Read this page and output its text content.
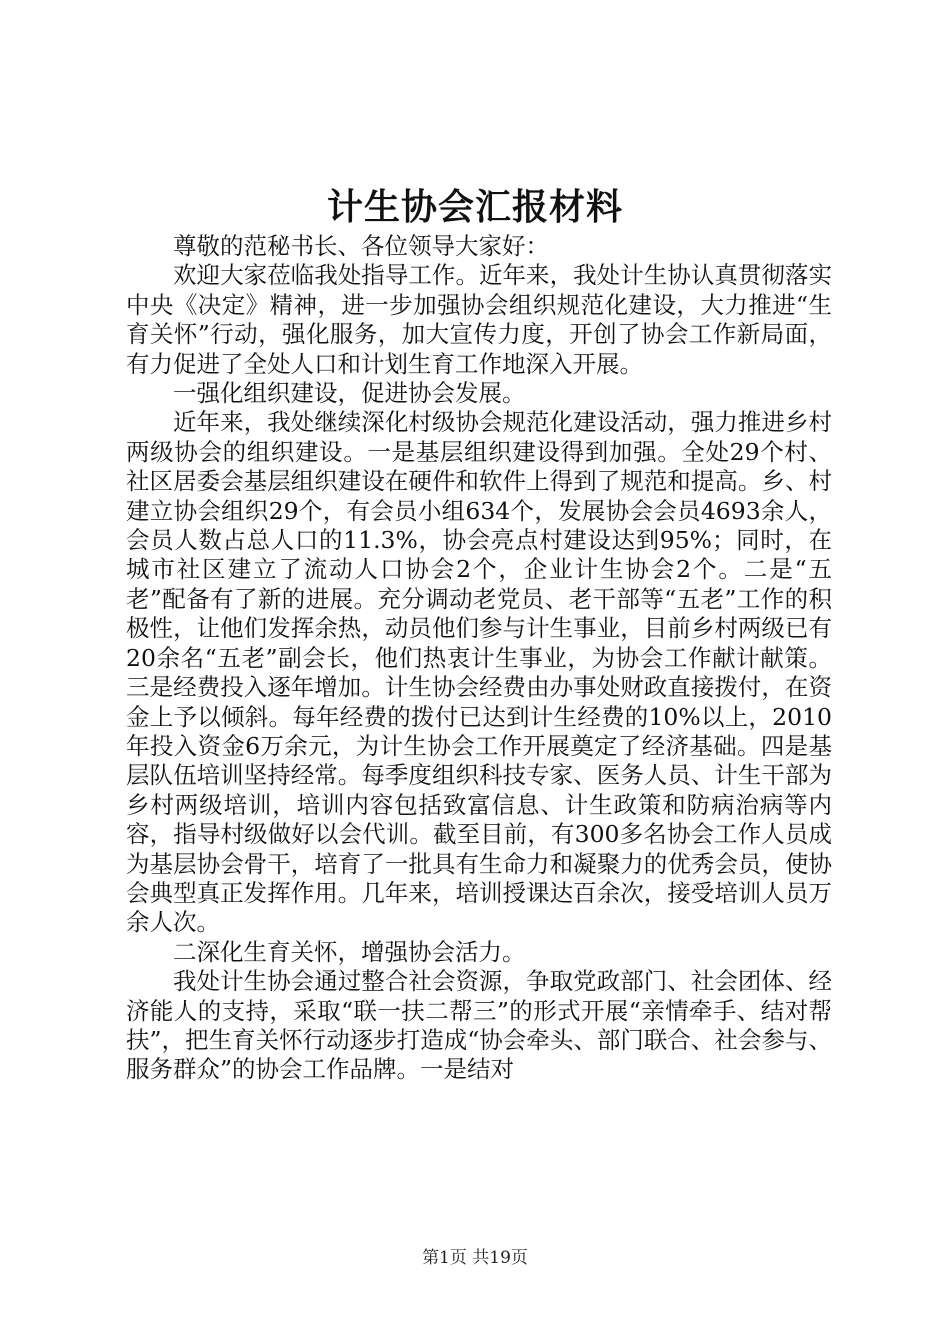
计生协会汇报材料

尊敬的范秘书长、各位领导大家好：

欢迎大家莅临我处指导工作。近年来，我处计生协认真贯彻落实中央《决定》精神，进一步加强协会组织规范化建设，大力推进“生育关怀”行动，强化服务，加大宣传力度，开创了协会工作新局面，有力促进了全处人口和计划生育工作地深入开展。

一强化组织建设，促进协会发展。

近年来，我处继续深化村级协会规范化建设活动，强力推进乡村两级协会的组织建设。一是基层组织建设得到加强。全处29个村、社区居委会基层组织建设在硬件和软件上得到了规范和提高。乡、村建立协会组织29个，有会员小组634个，发展协会会员4693余人，会员人数占总人口的11.3%，协会亮点村建设达到95%；同时，在城市社区建立了流动人口协会2个，企业计生协会2个。二是“五老”配备有了新的进展。充分调动老党员、老干部等“五老”工作的积极性，让他们发挥余热，动员他们参与计生事业，目前乡村两级已有20余名“五老”副会长，他们热衷计生事业，为协会工作献计献策。三是经费投入逐年增加。计生协会经费由办事处财政直接拨付，在资金上予以倾斜。每年经费的拨付已达到计生经费的10%以上，2010年投入资金6万余元，为计生协会工作开展奠定了经济基础。四是基层队伍培训坚持经常。每季度组织科技专家、医务人员、计生干部为乡村两级培训，培训内容包括致富信息、计生政策和防病治病等内容，指导村级做好以会代训。截至目前，有300多名协会工作人员成为基层协会骨干，培育了一批具有生命力和凝聚力的优秀会员，使协会典型真正发挥作用。几年来，培训授课达百余次，接受培训人员万余人次。

二深化生育关怀，增强协会活力。

我处计生协会通过整合社会资源，争取党政部门、社会团体、经济能人的支持，采取“联一扶二帮三”的形式开展“亲情牵手、结对帮扶”，把生育关怀行动逐步打造成“协会牵头、部门联合、社会参与、服务群众”的协会工作品牌。一是结对

第1页 共19页
